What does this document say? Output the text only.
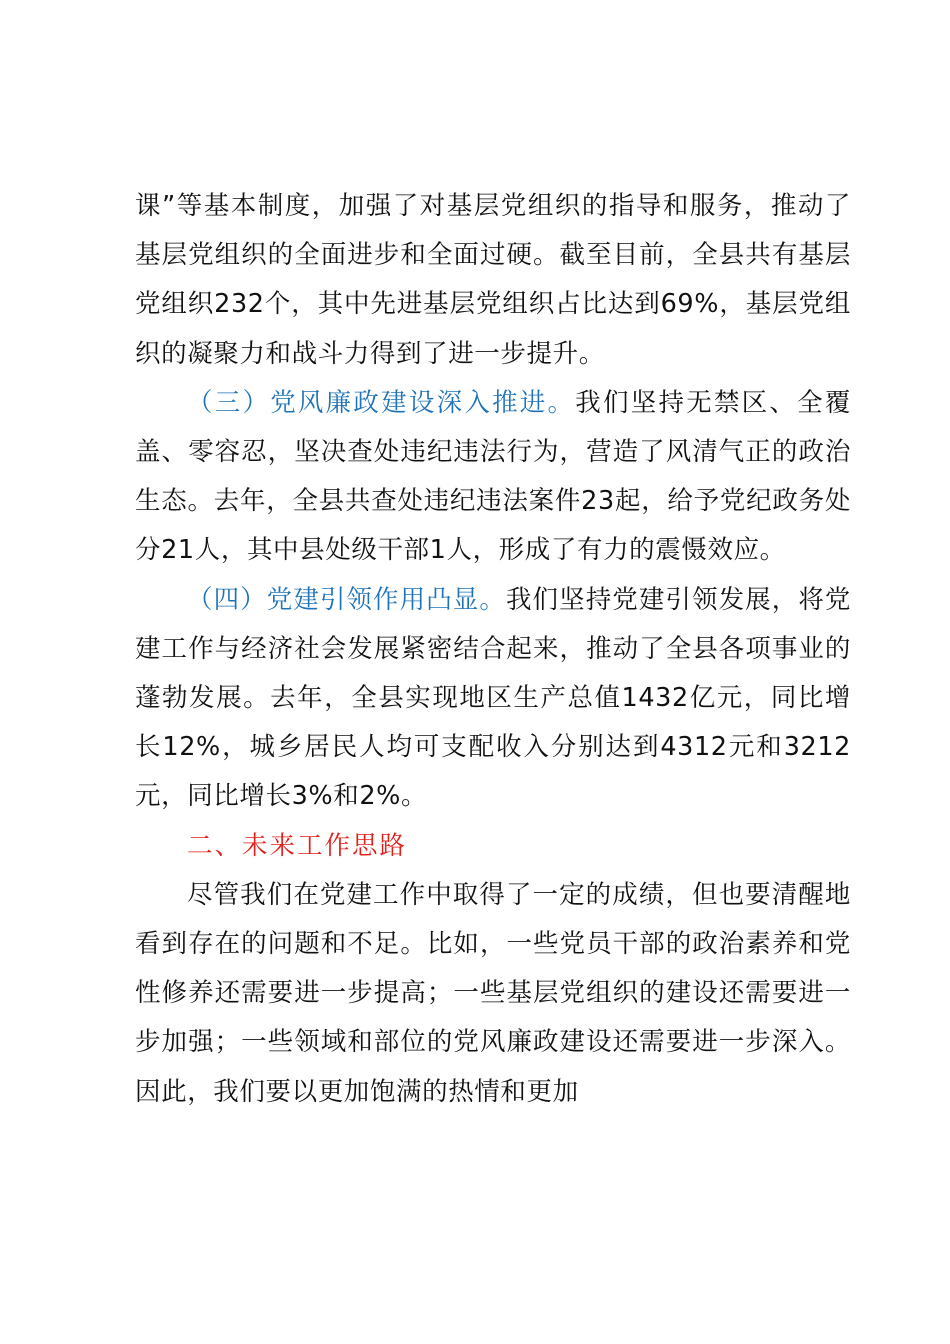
课”等基本制度，加强了对基层党组织的指导和服务，推动了基层党组织的全面进步和全面过硬。截至目前，全县共有基层党组织232个，其中先进基层党组织占比达到69%，基层党组织的凝聚力和战斗力得到了进一步提升。

（三）党风廉政建设深入推进。我们坚持无禁区、全覆盖、零容忍，坚决查处违纪违法行为，营造了风清气正的政治生态。去年，全县共查处违纪违法案件23起，给予党纪政务处分21人，其中县处级干部1人，形成了有力的震慑效应。

（四）党建引领作用凸显。我们坚持党建引领发展，将党建工作与经济社会发展紧密结合起来，推动了全县各项事业的蓬勃发展。去年，全县实现地区生产总值1432亿元，同比增长12%，城乡居民人均可支配收入分别达到4312元和3212元，同比增长3%和2%。

二、未来工作思路

尽管我们在党建工作中取得了一定的成绩，但也要清醒地看到存在的问题和不足。比如，一些党员干部的政治素养和党性修养还需要进一步提高；一些基层党组织的建设还需要进一步加强；一些领域和部位的党风廉政建设还需要进一步深入。因此，我们要以更加饱满的热情和更加
